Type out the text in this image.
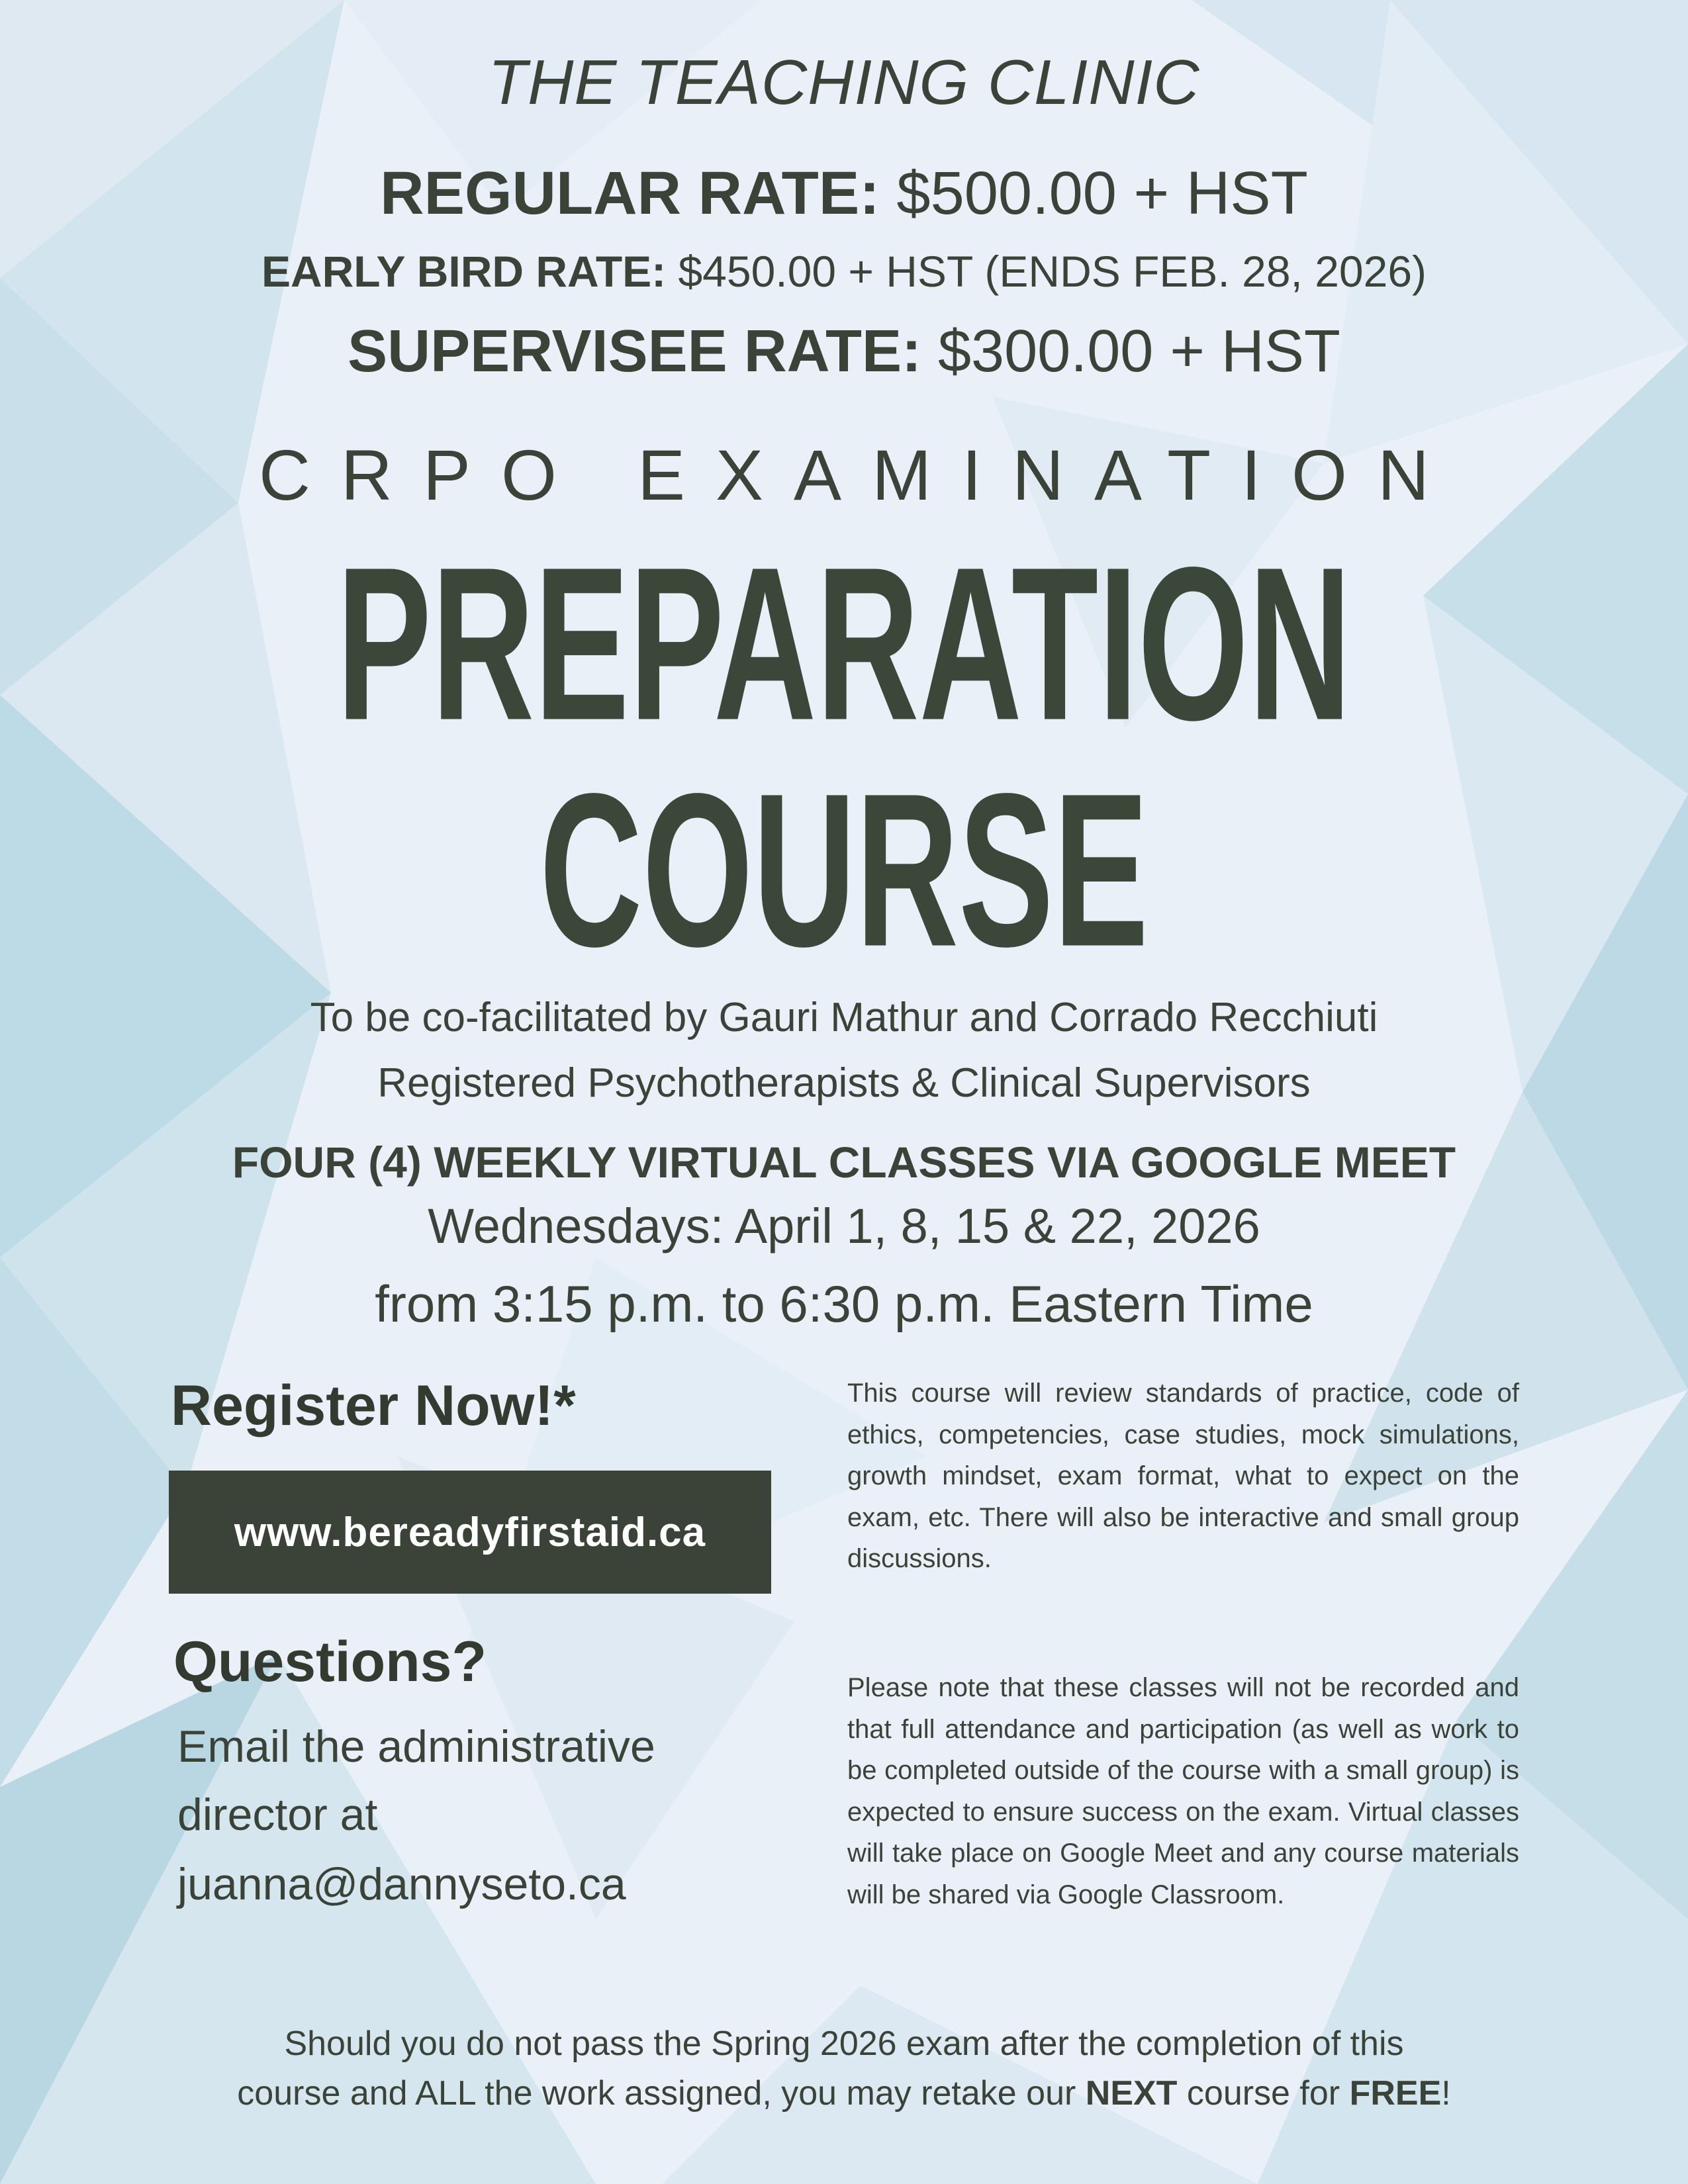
THE TEACHING CLINIC
REGULAR RATE: $500.00 + HST
EARLY BIRD RATE: $450.00 + HST (ENDS FEB. 28, 2026)
SUPERVISEE RATE: $300.00 + HST
CRPO EXAMINATION
PREPARATION
COURSE
To be co-facilitated by Gauri Mathur and Corrado Recchiuti
Registered Psychotherapists & Clinical Supervisors
FOUR (4) WEEKLY VIRTUAL CLASSES VIA GOOGLE MEET
Wednesdays: April 1, 8, 15 & 22, 2026
from 3:15 p.m. to 6:30 p.m. Eastern Time
Register Now!*
www.bereadyfirstaid.ca
Questions?
Email the administrative
director at
juanna@dannyseto.ca
This course will review standards of practice, code of ethics, competencies, case studies, mock simulations, growth mindset, exam format, what to expect on the exam, etc. There will also be interactive and small group discussions.
Please note that these classes will not be recorded and that full attendance and participation (as well as work to be completed outside of the course with a small group) is expected to ensure success on the exam. Virtual classes will take place on Google Meet and any course materials will be shared via Google Classroom.
Should you do not pass the Spring 2026 exam after the completion of this
course and ALL the work assigned, you may retake our NEXT course for FREE!
